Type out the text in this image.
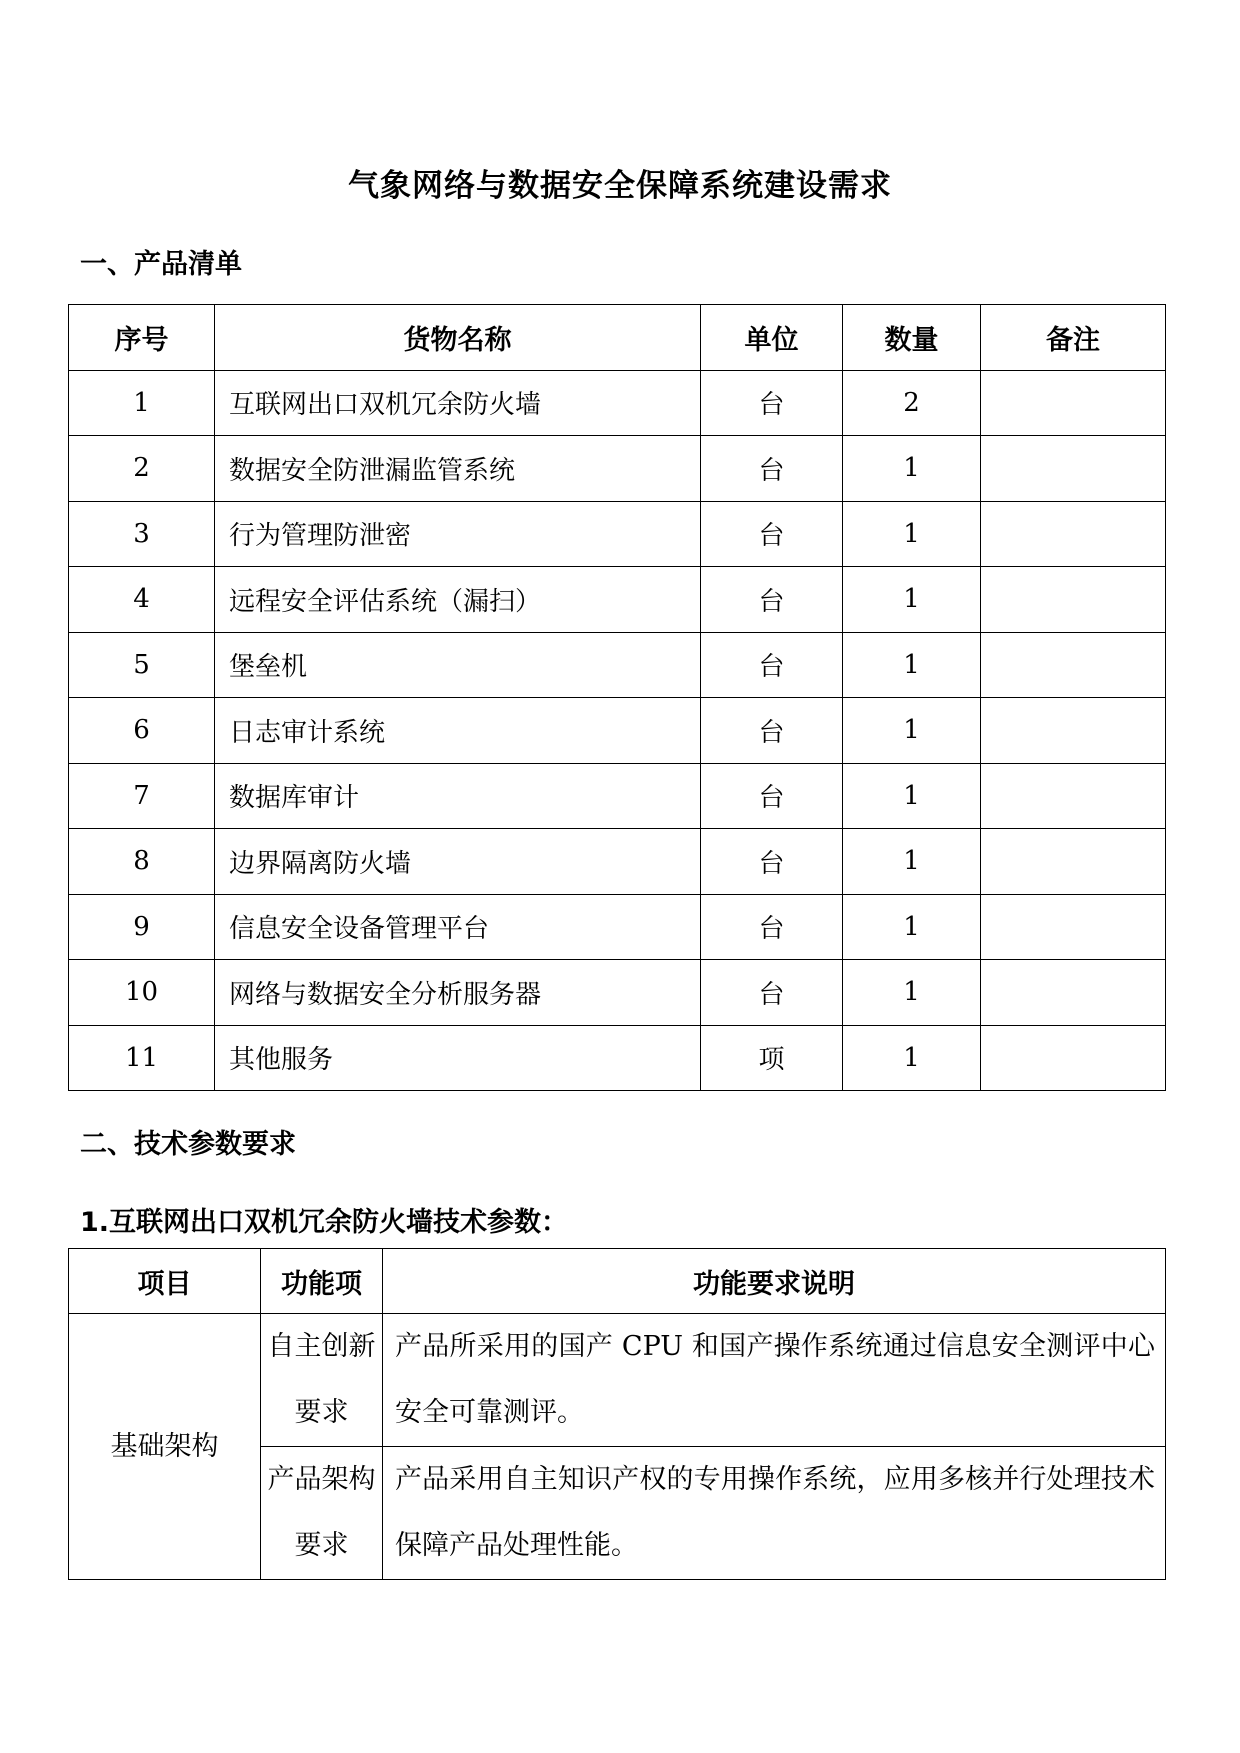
气象网络与数据安全保障系统建设需求
一、产品清单
序号	货物名称	单位	数量	备注
1	互联网出口双机冗余防火墙	台	2	
2	数据安全防泄漏监管系统	台	1	
3	行为管理防泄密	台	1	
4	远程安全评估系统（漏扫）	台	1	
5	堡垒机	台	1	
6	日志审计系统	台	1	
7	数据库审计	台	1	
8	边界隔离防火墙	台	1	
9	信息安全设备管理平台	台	1	
10	网络与数据安全分析服务器	台	1	
11	其他服务	项	1	
二、技术参数要求
1.互联网出口双机冗余防火墙技术参数：
项目	功能项	功能要求说明
基础架构	自主创新要求	产品所采用的国产 CPU 和国产操作系统通过信息安全测评中心安全可靠测评。
	产品架构要求	产品采用自主知识产权的专用操作系统，应用多核并行处理技术保障产品处理性能。
